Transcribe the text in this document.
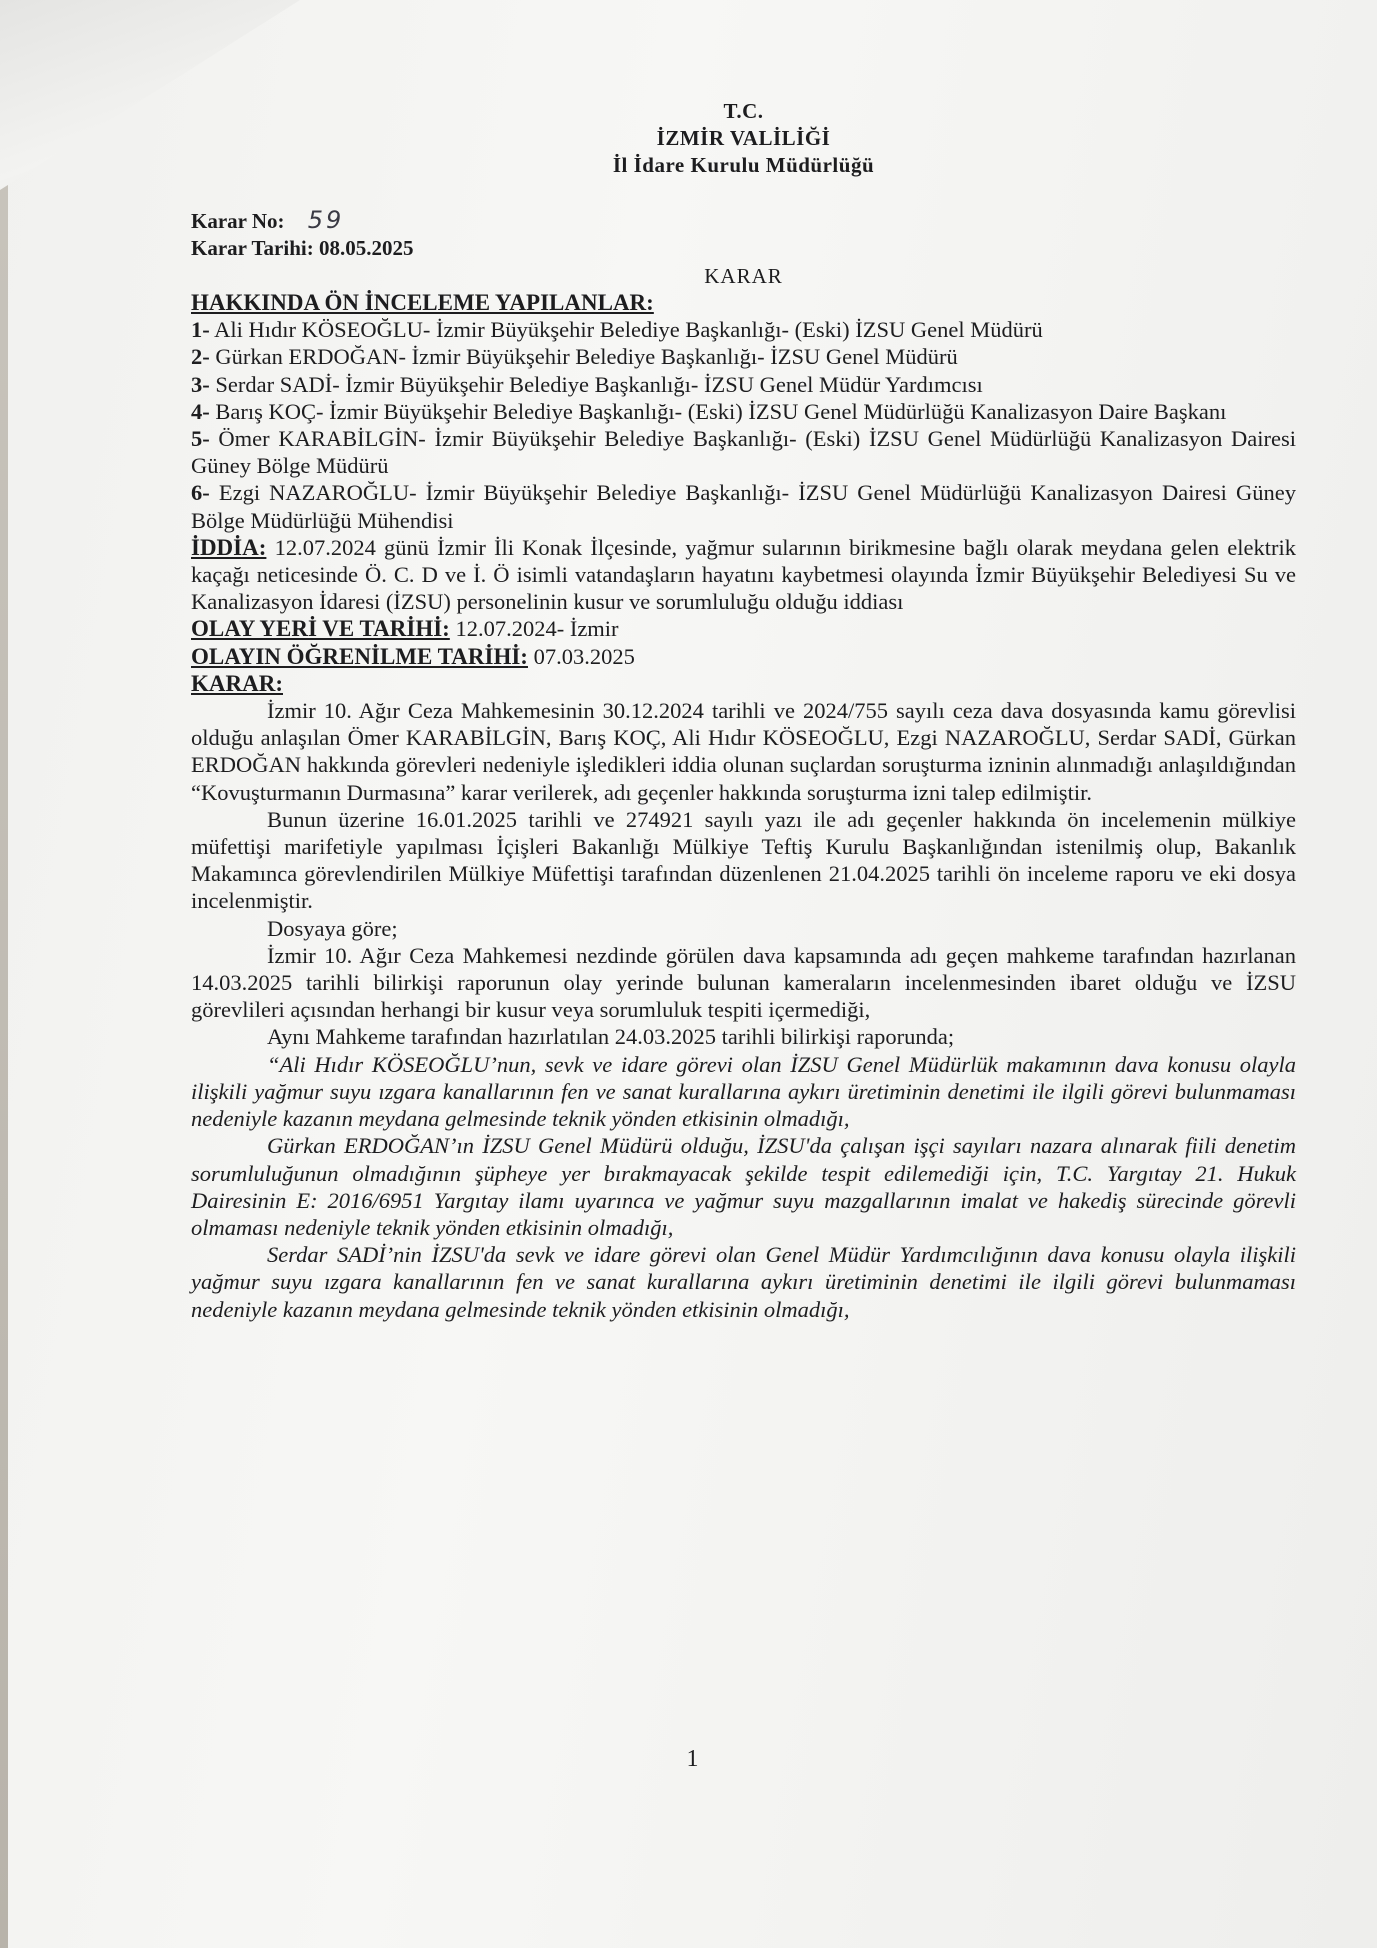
T.C.
İZMİR VALİLİĞİ
İl İdare Kurulu Müdürlüğü
Karar No: 59
Karar Tarihi: 08.05.2025
KARAR
HAKKINDA ÖN İNCELEME YAPILANLAR:
1- Ali Hıdır KÖSEOĞLU- İzmir Büyükşehir Belediye Başkanlığı- (Eski) İZSU Genel Müdürü
2- Gürkan ERDOĞAN- İzmir Büyükşehir Belediye Başkanlığı- İZSU Genel Müdürü
3- Serdar SADİ- İzmir Büyükşehir Belediye Başkanlığı- İZSU Genel Müdür Yardımcısı
4- Barış KOÇ- İzmir Büyükşehir Belediye Başkanlığı- (Eski) İZSU Genel Müdürlüğü Kanalizasyon Daire Başkanı
5- Ömer KARABİLGİN- İzmir Büyükşehir Belediye Başkanlığı- (Eski) İZSU Genel Müdürlüğü Kanalizasyon Dairesi Güney Bölge Müdürü
6- Ezgi NAZAROĞLU- İzmir Büyükşehir Belediye Başkanlığı- İZSU Genel Müdürlüğü Kanalizasyon Dairesi Güney Bölge Müdürlüğü Mühendisi

İDDİA: 12.07.2024 günü İzmir İli Konak İlçesinde, yağmur sularının birikmesine bağlı olarak meydana gelen elektrik kaçağı neticesinde Ö. C. D ve İ. Ö isimli vatandaşların hayatını kaybetmesi olayında İzmir Büyükşehir Belediyesi Su ve Kanalizasyon İdaresi (İZSU) personelinin kusur ve sorumluluğu olduğu iddiası

OLAY YERİ VE TARİHİ: 12.07.2024- İzmir

OLAYIN ÖĞRENİLME TARİHİ: 07.03.2025

KARAR:

İzmir 10. Ağır Ceza Mahkemesinin 30.12.2024 tarihli ve 2024/755 sayılı ceza dava dosyasında kamu görevlisi olduğu anlaşılan Ömer KARABİLGİN, Barış KOÇ, Ali Hıdır KÖSEOĞLU, Ezgi NAZAROĞLU, Serdar SADİ, Gürkan ERDOĞAN hakkında görevleri nedeniyle işledikleri iddia olunan suçlardan soruşturma izninin alınmadığı anlaşıldığından “Kovuşturmanın Durmasına” karar verilerek, adı geçenler hakkında soruşturma izni talep edilmiştir.

Bunun üzerine 16.01.2025 tarihli ve 274921 sayılı yazı ile adı geçenler hakkında ön incelemenin mülkiye müfettişi marifetiyle yapılması İçişleri Bakanlığı Mülkiye Teftiş Kurulu Başkanlığından istenilmiş olup, Bakanlık Makamınca görevlendirilen Mülkiye Müfettişi tarafından düzenlenen 21.04.2025 tarihli ön inceleme raporu ve eki dosya incelenmiştir.

Dosyaya göre;

İzmir 10. Ağır Ceza Mahkemesi nezdinde görülen dava kapsamında adı geçen mahkeme tarafından hazırlanan 14.03.2025 tarihli bilirkişi raporunun olay yerinde bulunan kameraların incelenmesinden ibaret olduğu ve İZSU görevlileri açısından herhangi bir kusur veya sorumluluk tespiti içermediği,

Aynı Mahkeme tarafından hazırlatılan 24.03.2025 tarihli bilirkişi raporunda;

“Ali Hıdır KÖSEOĞLU’nun, sevk ve idare görevi olan İZSU Genel Müdürlük makamının dava konusu olayla ilişkili yağmur suyu ızgara kanallarının fen ve sanat kurallarına aykırı üretiminin denetimi ile ilgili görevi bulunmaması nedeniyle kazanın meydana gelmesinde teknik yönden etkisinin olmadığı,

Gürkan ERDOĞAN’ın İZSU Genel Müdürü olduğu, İZSU'da çalışan işçi sayıları nazara alınarak fiili denetim sorumluluğunun olmadığının şüpheye yer bırakmayacak şekilde tespit edilemediği için, T.C. Yargıtay 21. Hukuk Dairesinin E: 2016/6951 Yargıtay ilamı uyarınca ve yağmur suyu mazgallarının imalat ve hakediş sürecinde görevli olmaması nedeniyle teknik yönden etkisinin olmadığı,

Serdar SADİ’nin İZSU'da sevk ve idare görevi olan Genel Müdür Yardımcılığının dava konusu olayla ilişkili yağmur suyu ızgara kanallarının fen ve sanat kurallarına aykırı üretiminin denetimi ile ilgili görevi bulunmaması nedeniyle kazanın meydana gelmesinde teknik yönden etkisinin olmadığı,

1
